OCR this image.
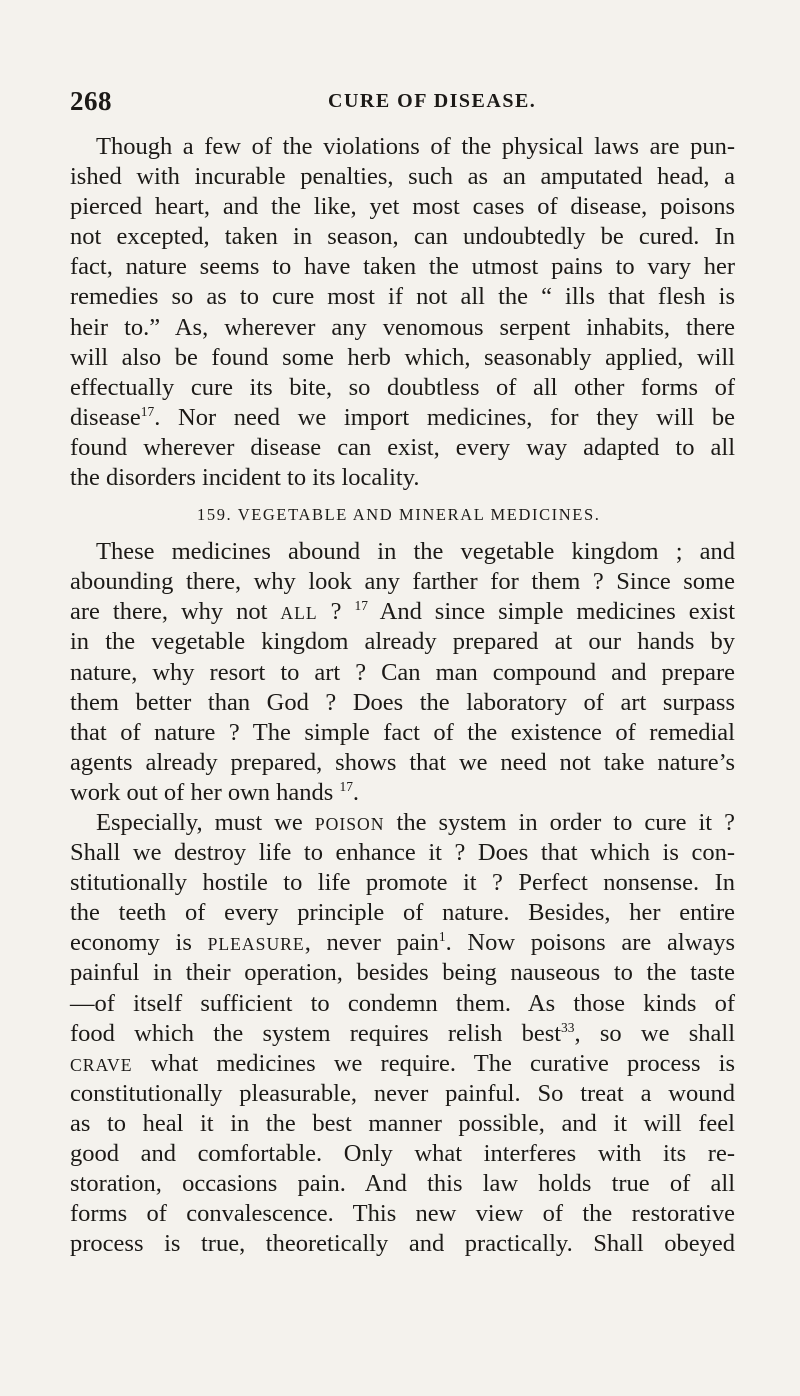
268	CURE OF DISEASE.
Though a few of the violations of the physical laws are pun-
ished with incurable penalties, such as an amputated head, a
pierced heart, and the like, yet most cases of disease, poisons
not excepted, taken in season, can undoubtedly be cured. In
fact, nature seems to have taken the utmost pains to vary her
remedies so as to cure most if not all the “ ills that flesh is
heir to.” As, wherever any venomous serpent inhabits, there
will also be found some herb which, seasonably applied, will
effectually cure its bite, so doubtless of all other forms of
disease$^{17}$. Nor need we import medicines, for they will be
found wherever disease can exist, every way adapted to all
the disorders incident to its locality.
159. VEGETABLE AND MINERAL MEDICINES.
These medicines abound in the vegetable kingdom ; and
abounding there, why look any farther for them ? Since some
are there, why not ALL ? $^{17}$ And since simple medicines exist
in the vegetable kingdom already prepared at our hands by
nature, why resort to art ? Can man compound and prepare
them better than God ? Does the laboratory of art surpass
that of nature ? The simple fact of the existence of remedial
agents already prepared, shows that we need not take nature’s
work out of her own hands $^{17}$.
Especially, must we POISON the system in order to cure it ?
Shall we destroy life to enhance it ? Does that which is con-
stitutionally hostile to life promote it ? Perfect nonsense. In
the teeth of every principle of nature. Besides, her entire
economy is PLEASURE, never pain$^1$. Now poisons are always
painful in their operation, besides being nauseous to the taste
—of itself sufficient to condemn them. As those kinds of
food which the system requires relish best$^{33}$, so we shall
CRAVE what medicines we require. The curative process is
constitutionally pleasurable, never painful. So treat a wound
as to heal it in the best manner possible, and it will feel
good and comfortable. Only what interferes with its re-
storation, occasions pain. And this law holds true of all
forms of convalescence. This new view of the restorative
process is true, theoretically and practically. Shall obeyed
